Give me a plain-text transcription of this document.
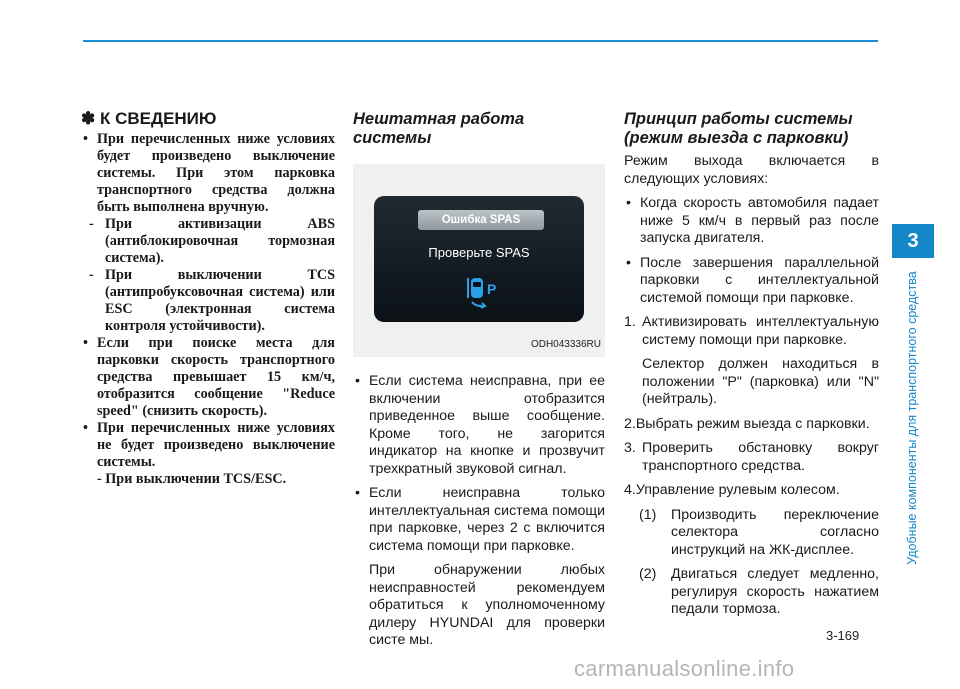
3
Удобные компоненты для транспортного средства
✽ К СВЕДЕНИЮ
• При перечисленных ниже условиях будет произведено выключение системы. При этом парковка транспортного средства должна быть выполнена вручную.
- При активизации ABS (антиблокировочная тормозная система).
- При выключении TCS (антипробуксовочная система) или ESC (электронная система контроля устойчивости).
• Если при поиске места для парковки скорость транспортного средства превышает 15 км/ч, отобразится сообщение "Reduce speed" (снизить скорость).
• При перечисленных ниже условиях не будет произведено выключение системы.
- При выключении TCS/ESC.
Нештатная работа системы
Ошибка SPAS
Проверьте SPAS
P
ODH043336RU
• Если система неисправна, при ее включении отобразится приведенное выше сообщение. Кроме того, не загорится индикатор на кнопке и прозвучит трехкратный звуковой сигнал.
• Если неисправна только интеллектуальная система помощи при парковке, через 2 с включится система помощи при парковке.
При обнаружении любых неисправностей рекомендуем обратиться к уполномоченному дилеру HYUNDAI для проверки систе мы.
Принцип работы системы (режим выезда с парковки)
Режим выхода включается в следующих условиях:
• Когда скорость автомобиля падает ниже 5 км/ч в первый раз после запуска двигателя.
• После завершения параллельной парковки с интеллектуальной системой помощи при парковке.
1. Активизировать интеллектуальную систему помощи при парковке.
Селектор должен находиться в положении "P" (парковка) или "N" (нейтраль).
2.Выбрать режим выезда с парковки.
3. Проверить обстановку вокруг транспортного средства.
4.Управление рулевым колесом.
(1) Производить переключение селектора согласно инструкций на ЖК-дисплее.
(2) Двигаться следует медленно, регулируя скорость нажатием педали тормоза.
3-169
carmanualsonline.info
